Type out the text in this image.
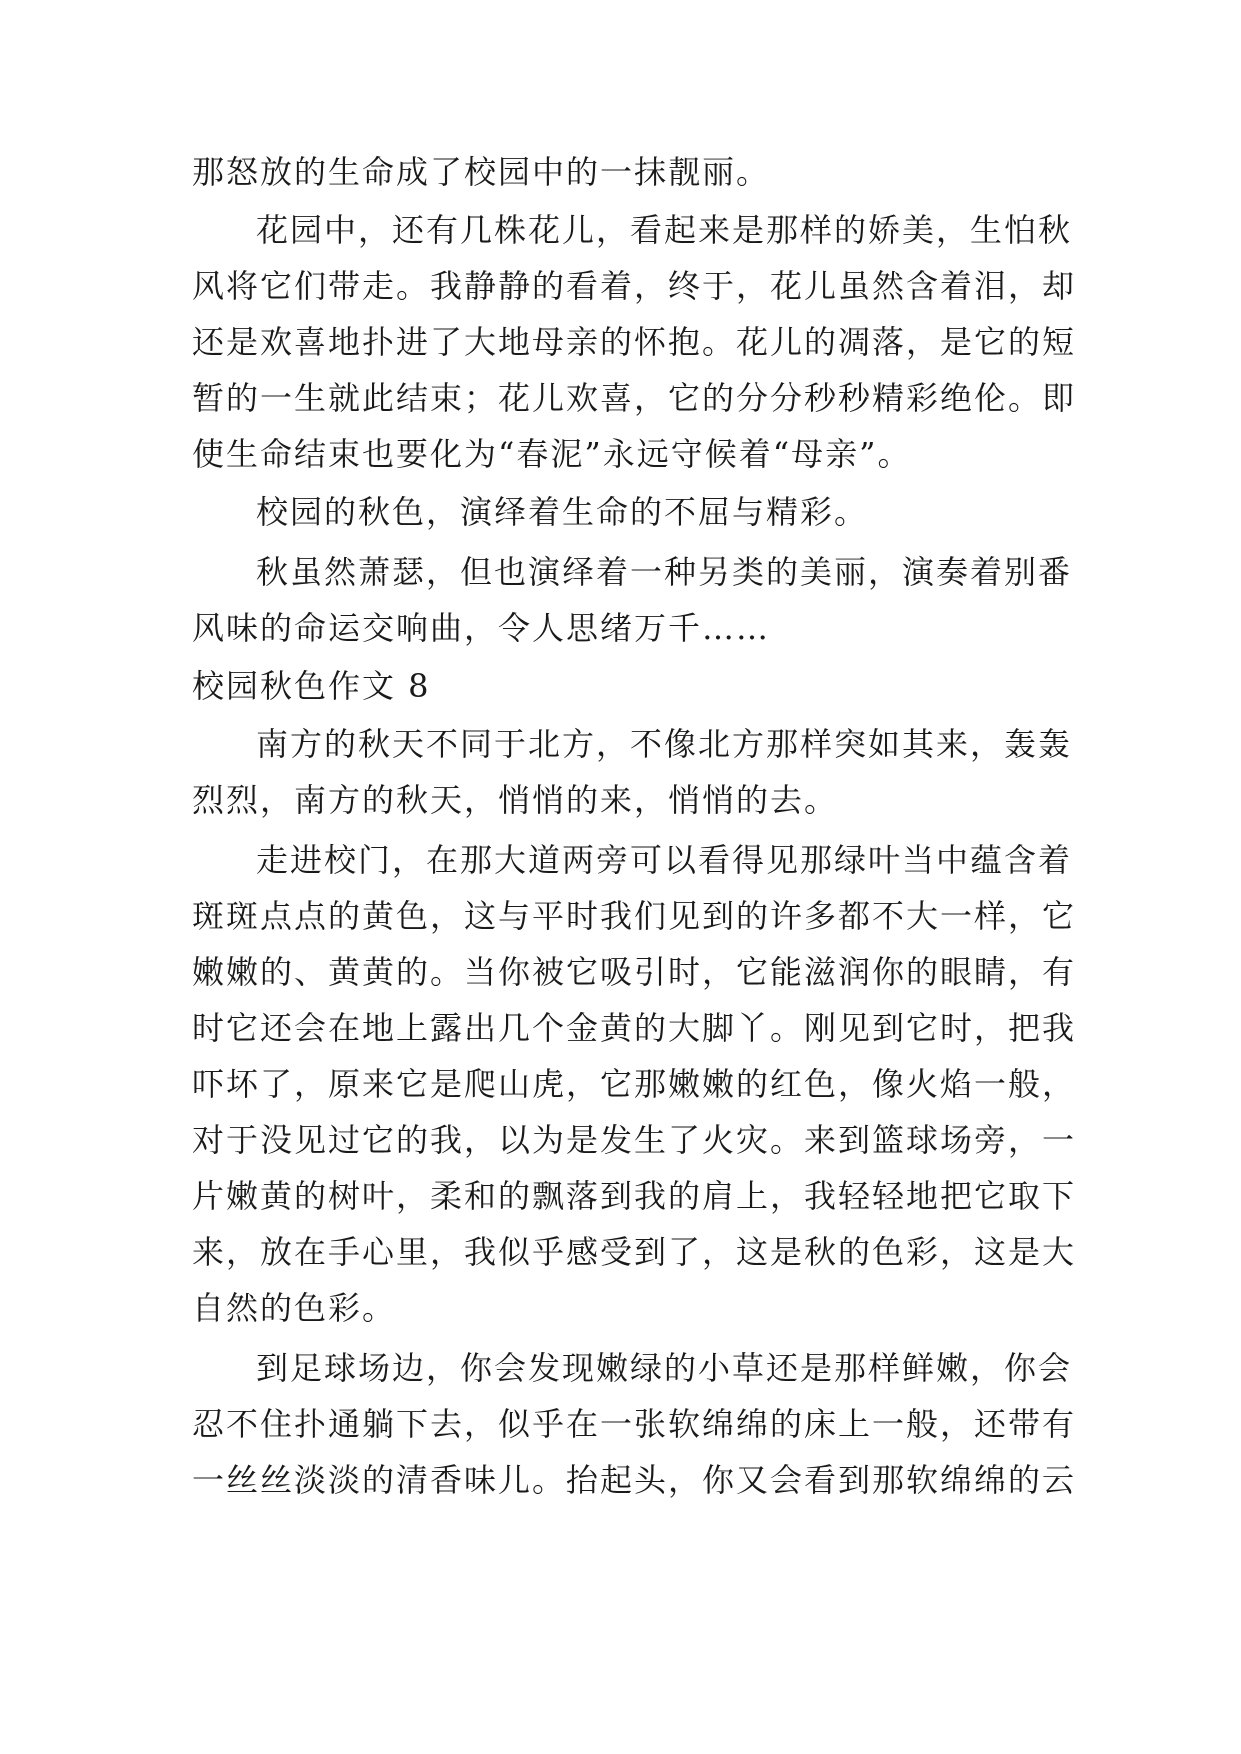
那怒放的生命成了校园中的一抹靓丽。
花园中，还有几株花儿，看起来是那样的娇美，生怕秋
风将它们带走。我静静的看着，终于，花儿虽然含着泪，却
还是欢喜地扑进了大地母亲的怀抱。花儿的凋落，是它的短
暂的一生就此结束；花儿欢喜，它的分分秒秒精彩绝伦。即
使生命结束也要化为“春泥”永远守候着“母亲”。
校园的秋色，演绎着生命的不屈与精彩。
秋虽然萧瑟，但也演绎着一种另类的美丽，演奏着别番
风味的命运交响曲，令人思绪万千……
校园秋色作文 8
南方的秋天不同于北方，不像北方那样突如其来，轰轰
烈烈，南方的秋天，悄悄的来，悄悄的去。
走进校门，在那大道两旁可以看得见那绿叶当中蕴含着
斑斑点点的黄色，这与平时我们见到的许多都不大一样，它
嫩嫩的、黄黄的。当你被它吸引时，它能滋润你的眼睛，有
时它还会在地上露出几个金黄的大脚丫。刚见到它时，把我
吓坏了，原来它是爬山虎，它那嫩嫩的红色，像火焰一般，
对于没见过它的我，以为是发生了火灾。来到篮球场旁，一
片嫩黄的树叶，柔和的飘落到我的肩上，我轻轻地把它取下
来，放在手心里，我似乎感受到了，这是秋的色彩，这是大
自然的色彩。
到足球场边，你会发现嫩绿的小草还是那样鲜嫩，你会
忍不住扑通躺下去，似乎在一张软绵绵的床上一般，还带有
一丝丝淡淡的清香味儿。抬起头，你又会看到那软绵绵的云
